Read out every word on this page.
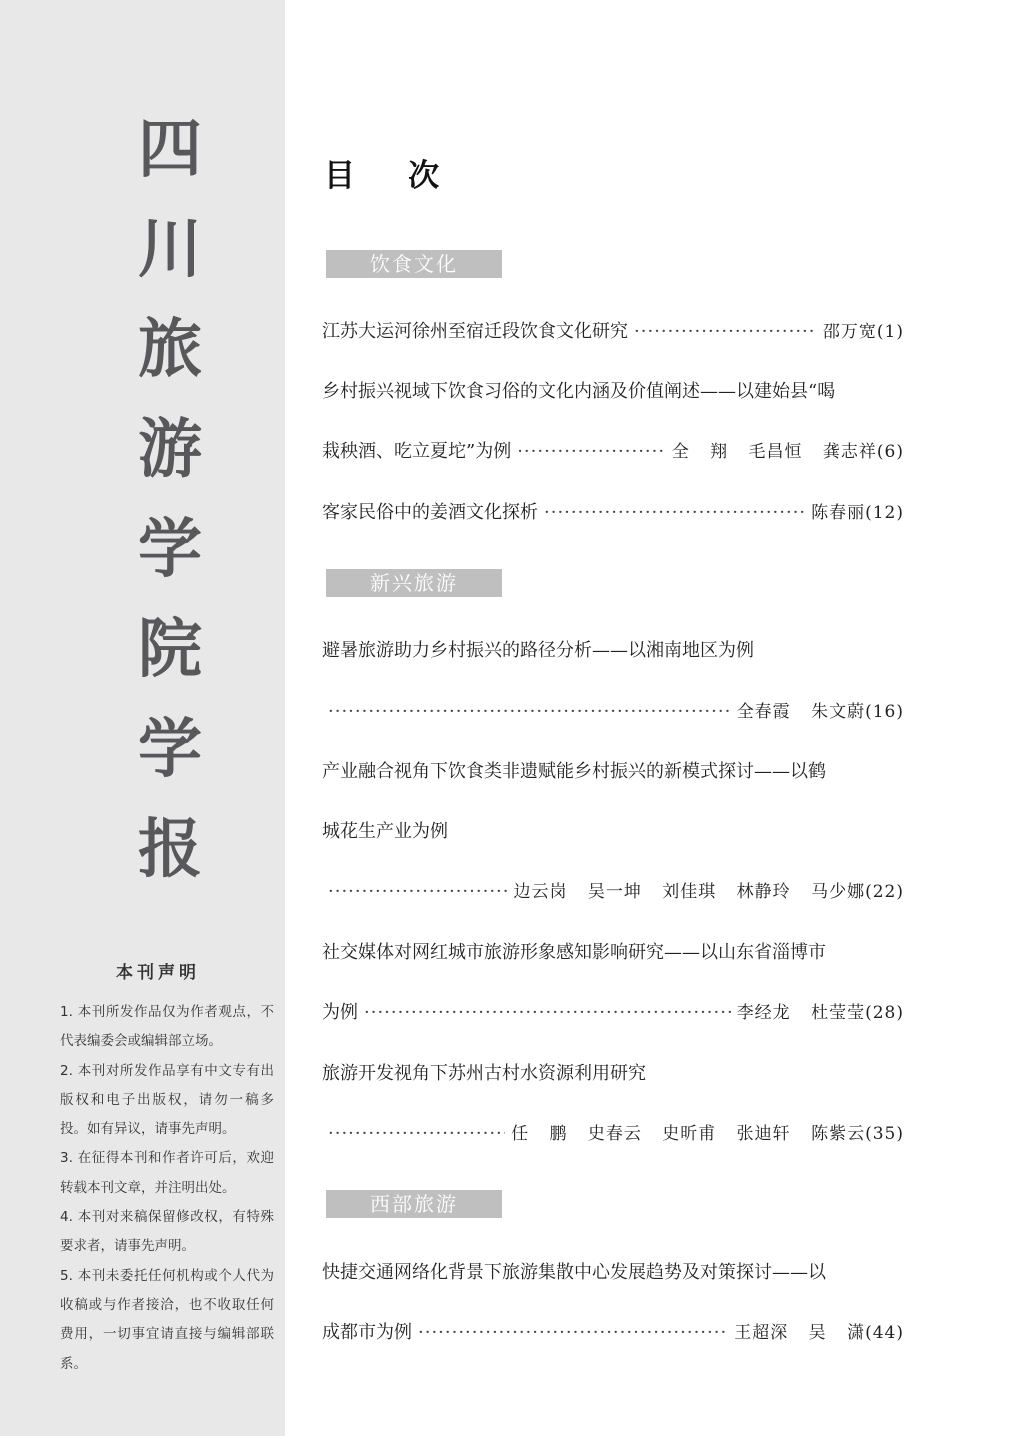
四
川
旅
游
学
院
学
报
本刊声明
1. 本刊所发作品仅为作者观点，不代表编委会或编辑部立场。
2. 本刊对所发作品享有中文专有出版权和电子出版权，请勿一稿多投。如有异议，请事先声明。
3. 在征得本刊和作者许可后，欢迎转载本刊文章，并注明出处。
4. 本刊对来稿保留修改权，有特殊要求者，请事先声明。
5. 本刊未委托任何机构或个人代为收稿或与作者接洽，也不收取任何费用，一切事宜请直接与编辑部联系。
目    次
饮食文化
江苏大运河徐州至宿迁段饮食文化研究 ·····	邵万宽 (1)
乡村振兴视域下饮食习俗的文化内涵及价值阐述——以建始县“喝
栽秧酒、吃立夏坨”为例 ·····	全 翔 毛昌恒 龚志祥 (6)
客家民俗中的姜酒文化探析 ·····	陈春丽 (12)
新兴旅游
避暑旅游助力乡村振兴的路径分析——以湘南地区为例
·····
全春霞 朱文蔚 (16)
产业融合视角下饮食类非遗赋能乡村振兴的新模式探讨——以鹤
城花生产业为例
·····
边云岗 吴一坤 刘佳琪 林静玲 马少娜 (22)
社交媒体对网红城市旅游形象感知影响研究——以山东省淄博市
为例 ·····	李经龙 杜莹莹 (28)
旅游开发视角下苏州古村水资源利用研究
·····
任 鹏 史春云 史昕甫 张迪轩 陈紫云 (35)
西部旅游
快捷交通网络化背景下旅游集散中心发展趋势及对策探讨——以
成都市为例 ·····	王超深 吴 潇 (44)
